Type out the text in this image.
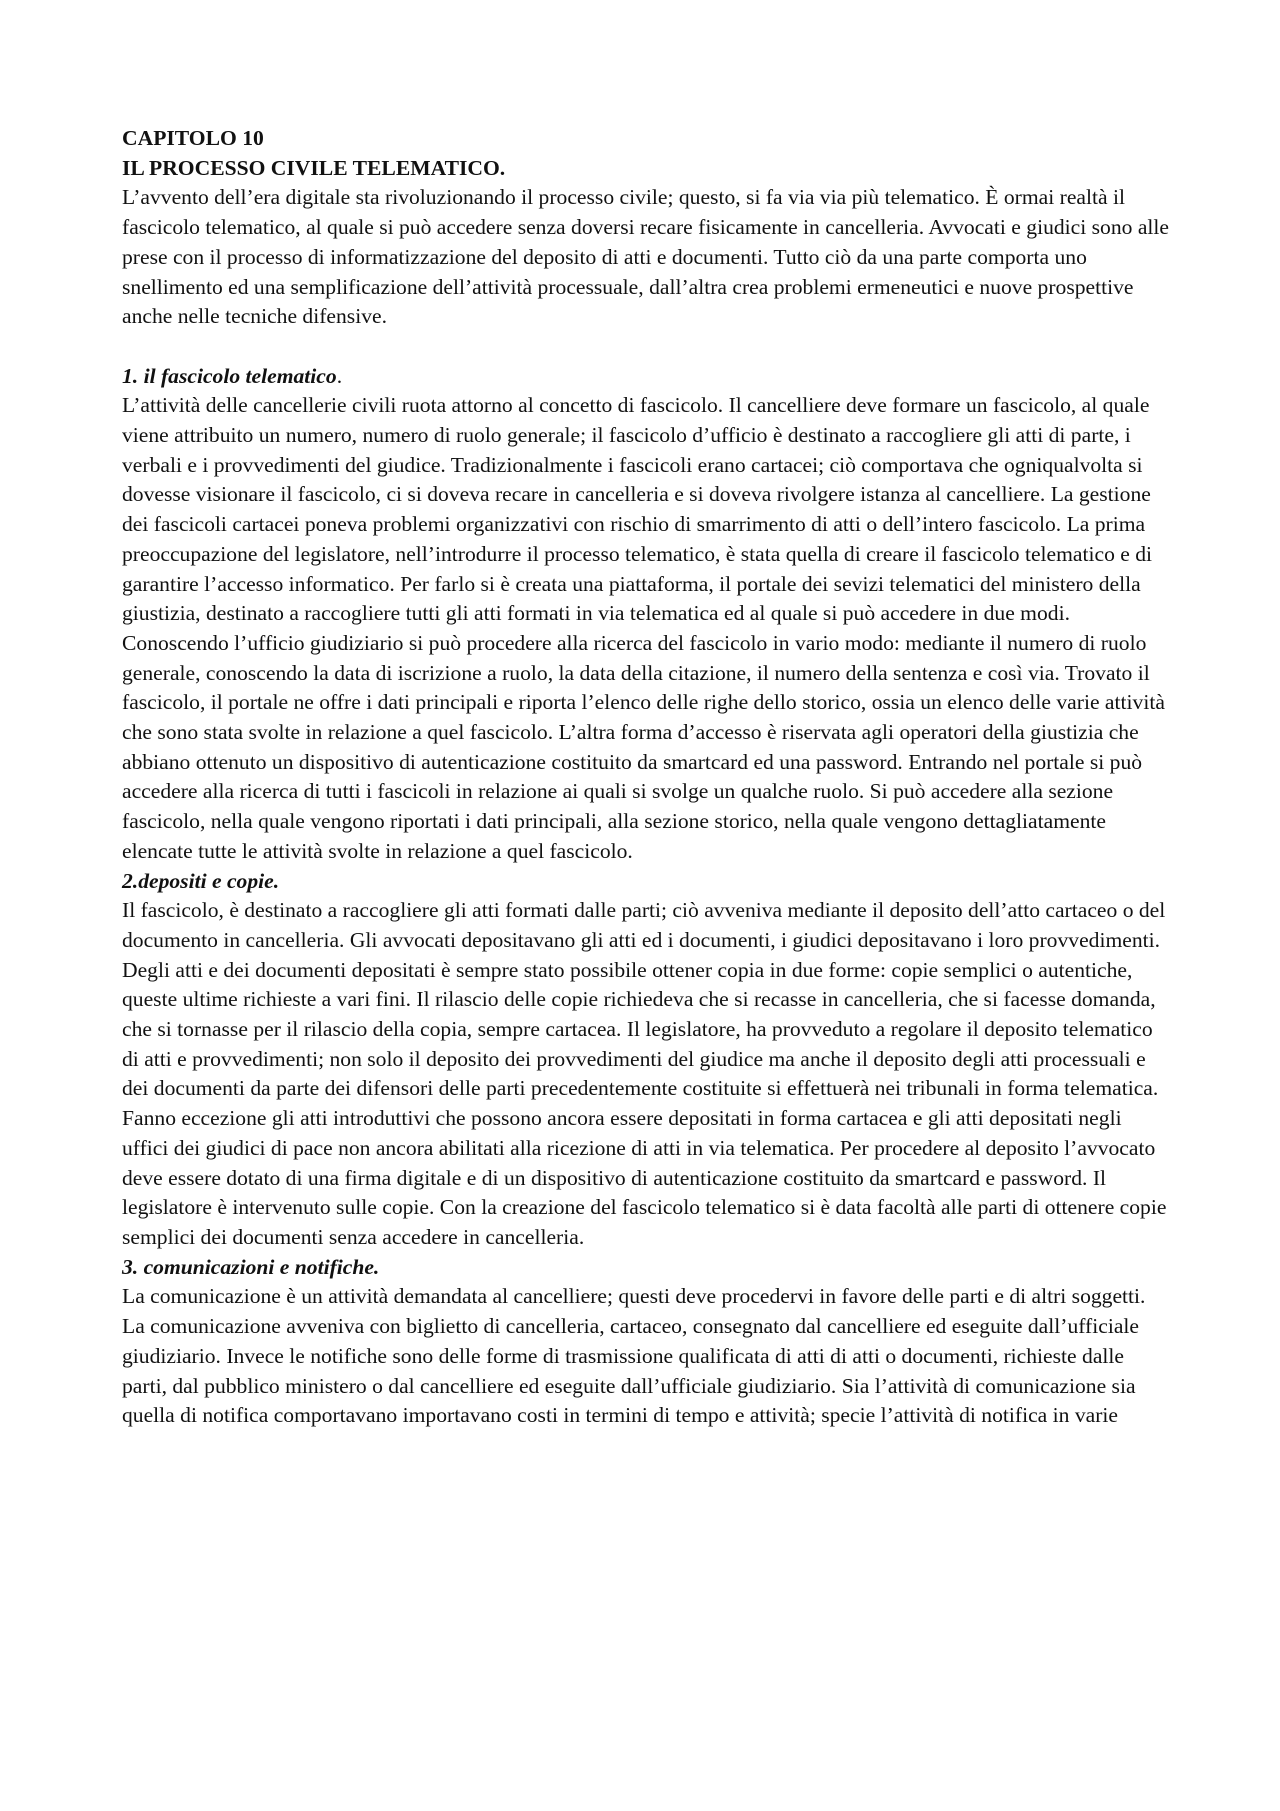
CAPITOLO 10

IL PROCESSO CIVILE TELEMATICO.

L’avvento dell’era digitale sta rivoluzionando il processo civile; questo, si fa via via più telematico. È ormai realtà il fascicolo telematico, al quale si può accedere senza doversi recare fisicamente in cancelleria. Avvocati e giudici sono alle prese con il processo di informatizzazione del deposito di atti e documenti. Tutto ciò da una parte comporta uno snellimento ed una semplificazione dell’attività processuale, dall’altra crea problemi ermeneutici e nuove prospettive anche nelle tecniche difensive.

1. il fascicolo telematico.

L’attività delle cancellerie civili ruota attorno al concetto di fascicolo. Il cancelliere deve formare un fascicolo, al quale viene attribuito un numero, numero di ruolo generale; il fascicolo d’ufficio è destinato a raccogliere gli atti di parte, i verbali e i provvedimenti del giudice. Tradizionalmente i fascicoli erano cartacei; ciò comportava che ogniqualvolta si dovesse visionare il fascicolo, ci si doveva recare in cancelleria e si doveva rivolgere istanza al cancelliere. La gestione dei fascicoli cartacei poneva problemi organizzativi con rischio di smarrimento di atti o dell’intero fascicolo. La prima preoccupazione del legislatore, nell’introdurre il processo telematico, è stata quella di creare il fascicolo telematico e di garantire l’accesso informatico. Per farlo si è creata una piattaforma, il portale dei sevizi telematici del ministero della giustizia, destinato a raccogliere tutti gli atti formati in via telematica ed al quale si può accedere in due modi. Conoscendo l’ufficio giudiziario si può procedere alla ricerca del fascicolo in vario modo: mediante il numero di ruolo generale, conoscendo la data di iscrizione a ruolo, la data della citazione, il numero della sentenza e così via. Trovato il fascicolo, il portale ne offre i dati principali e riporta l’elenco delle righe dello storico, ossia un elenco delle varie attività che sono stata svolte in relazione a quel fascicolo. L’altra forma d’accesso è riservata agli operatori della giustizia che abbiano ottenuto un dispositivo di autenticazione costituito da smartcard ed una password. Entrando nel portale si può accedere alla ricerca di tutti i fascicoli in relazione ai quali si svolge un qualche ruolo. Si può accedere alla sezione fascicolo, nella quale vengono riportati i dati principali, alla sezione storico, nella quale vengono dettagliatamente elencate tutte le attività svolte in relazione a quel fascicolo.

2.depositi e copie.

Il fascicolo, è destinato a raccogliere gli atti formati dalle parti; ciò avveniva mediante il deposito dell’atto cartaceo o del documento in cancelleria. Gli avvocati depositavano gli atti ed i documenti, i giudici depositavano i loro provvedimenti. Degli atti e dei documenti depositati è sempre stato possibile ottener copia in due forme: copie semplici o autentiche, queste ultime richieste a vari fini. Il rilascio delle copie richiedeva che si recasse in cancelleria, che si facesse domanda, che si tornasse per il rilascio della copia, sempre cartacea. Il legislatore, ha provveduto a regolare il deposito telematico di atti e provvedimenti; non solo il deposito dei provvedimenti del giudice ma anche il deposito degli atti processuali e dei documenti da parte dei difensori delle parti precedentemente costituite si effettuerà nei tribunali in forma telematica. Fanno eccezione gli atti introduttivi che possono ancora essere depositati in forma cartacea e gli atti depositati negli uffici dei giudici di pace non ancora abilitati alla ricezione di atti in via telematica. Per procedere al deposito l’avvocato deve essere dotato di una firma digitale e di un dispositivo di autenticazione costituito da smartcard e password. Il legislatore è intervenuto sulle copie. Con la creazione del fascicolo telematico si è data facoltà alle parti di ottenere copie semplici dei documenti senza accedere in cancelleria.

3. comunicazioni e notifiche.

La comunicazione è un attività demandata al cancelliere; questi deve procedervi in favore delle parti e di altri soggetti. La comunicazione avveniva con biglietto di cancelleria, cartaceo, consegnato dal cancelliere ed eseguite dall’ufficiale giudiziario. Invece le notifiche sono delle forme di trasmissione qualificata di atti di atti o documenti, richieste dalle parti, dal pubblico ministero o dal cancelliere ed eseguite dall’ufficiale giudiziario. Sia l’attività di comunicazione sia quella di notifica comportavano importavano costi in termini di tempo e attività; specie l’attività di notifica in varie
